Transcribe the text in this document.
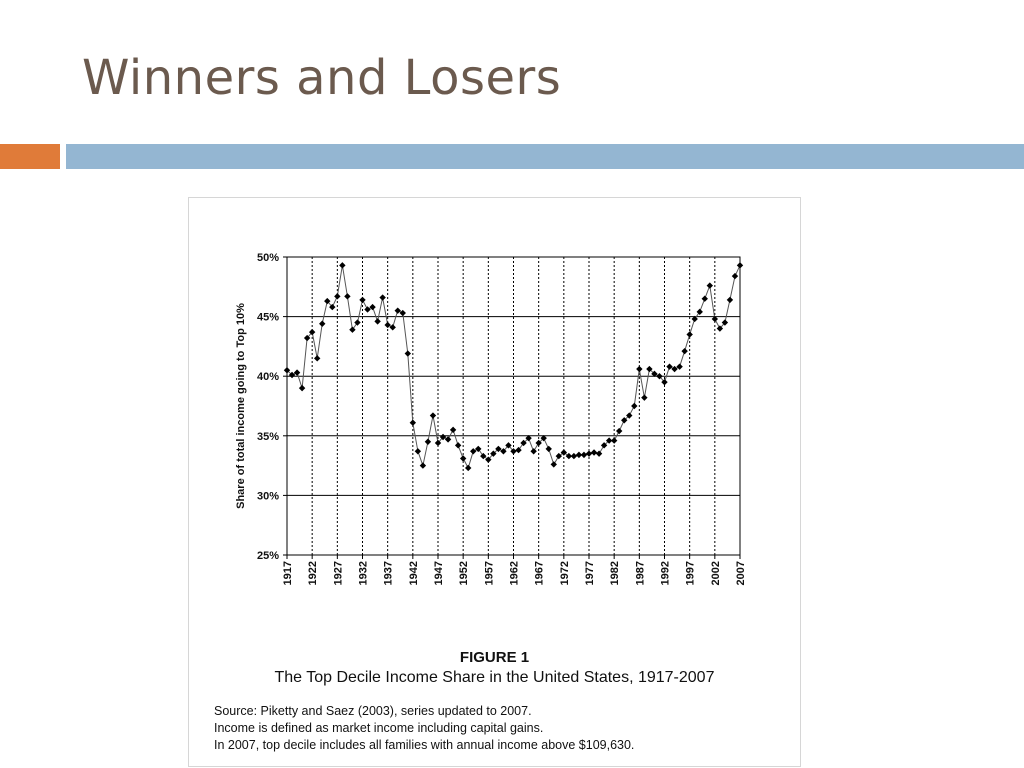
Winners and Losers
25%
30%
35%
40%
45%
50%
1917 1922 1927 1932 1937 1942 1947 1952 1957 1962 1967 1972 1977 1982 1987 1992 1997 2002 2007
Share of total income going to Top 10%
FIGURE 1
The Top Decile Income Share in the United States, 1917-2007
Source: Piketty and Saez (2003), series updated to 2007.
Income is defined as market income including capital gains.
In 2007, top decile includes all families with annual income above $109,630.
